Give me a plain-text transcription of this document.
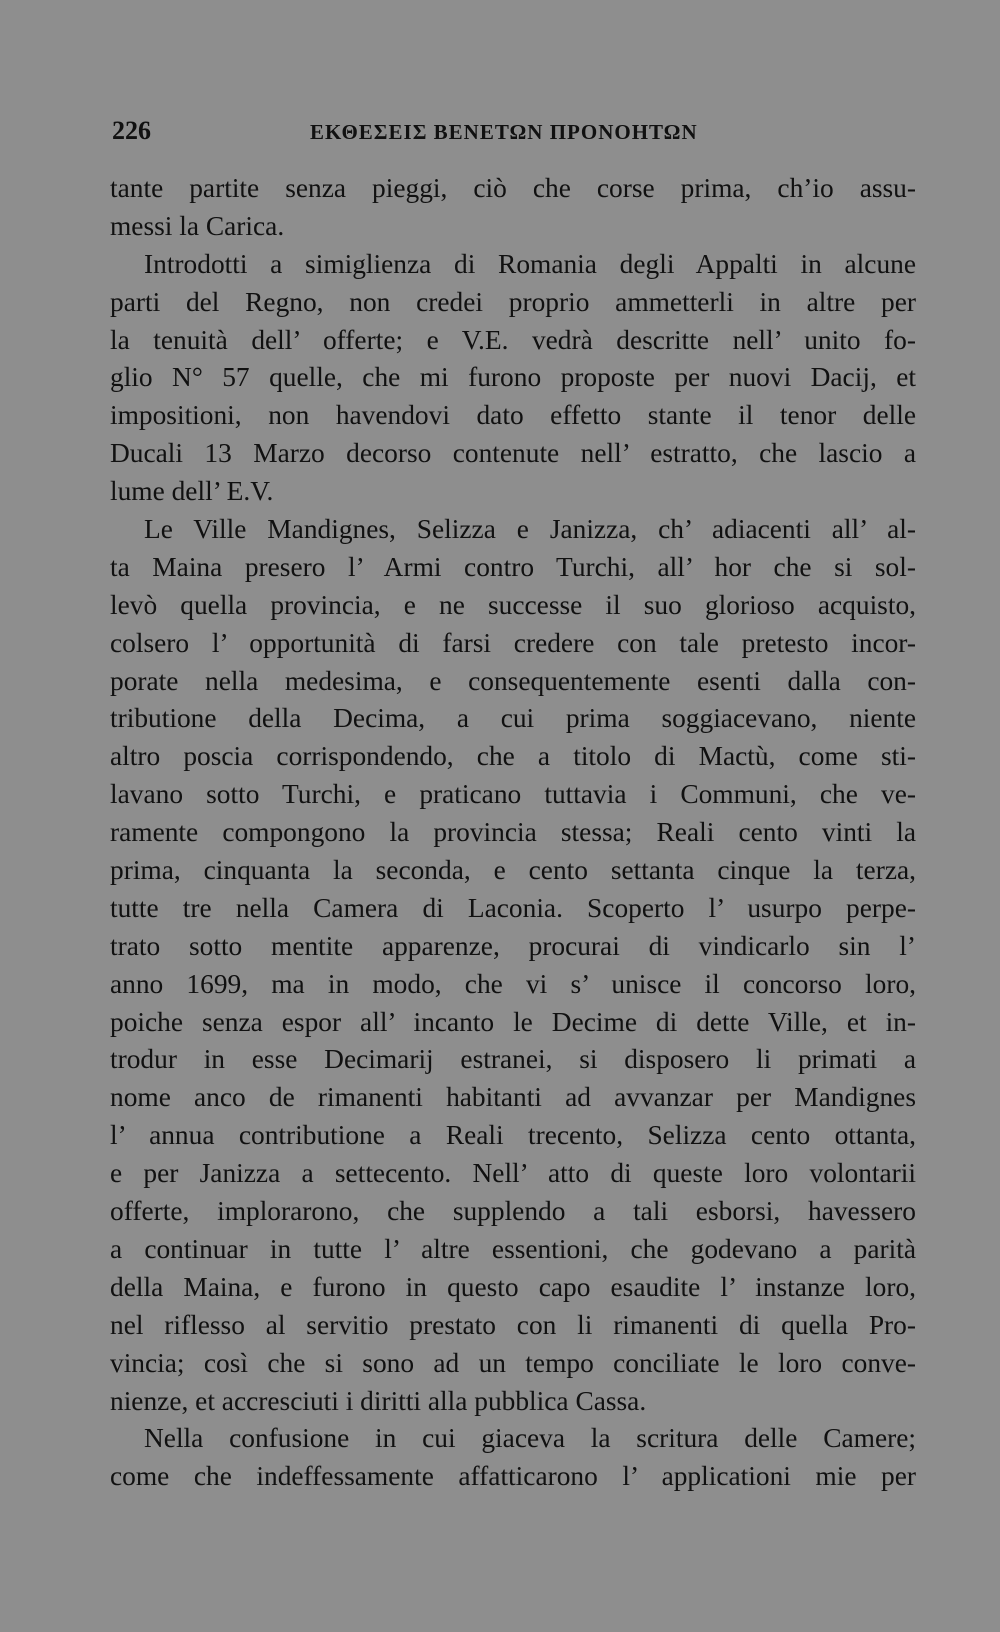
226	ΕΚΘΕΣΕΙΣ ΒΕΝΕΤΩΝ ΠΡΟΝΟΗΤΩΝ
tante partite senza pieggi, ciò che corse prima, ch’io assu-
messi la Carica.
Introdotti a simiglienza di Romania degli Appalti in alcune
parti del Regno, non credei proprio ammetterli in altre per
la tenuità dell’ offerte; e V.E. vedrà descritte nell’ unito fo-
glio N° 57 quelle, che mi furono proposte per nuovi Dacij, et
impositioni, non havendovi dato effetto stante il tenor delle
Ducali 13 Marzo decorso contenute nell’ estratto, che lascio a
lume dell’ E.V.
Le Ville Mandignes, Selizza e Janizza, ch’ adiacenti all’ al-
ta Maina presero l’ Armi contro Turchi, all’ hor che si sol-
levò quella provincia, e ne successe il suo glorioso acquisto,
colsero l’ opportunità di farsi credere con tale pretesto incor-
porate nella medesima, e consequentemente esenti dalla con-
tributione della Decima, a cui prima soggiacevano, niente
altro poscia corrispondendo, che a titolo di Mactù, come sti-
lavano sotto Turchi, e praticano tuttavia i Communi, che ve-
ramente compongono la provincia stessa; Reali cento vinti la
prima, cinquanta la seconda, e cento settanta cinque la terza,
tutte tre nella Camera di Laconia. Scoperto l’ usurpo perpe-
trato sotto mentite apparenze, procurai di vindicarlo sin l’
anno 1699, ma in modo, che vi s’ unisce il concorso loro,
poiche senza espor all’ incanto le Decime di dette Ville, et in-
trodur in esse Decimarij estranei, si disposero li primati a
nome anco de rimanenti habitanti ad avvanzar per Mandignes
l’ annua contributione a Reali trecento, Selizza cento ottanta,
e per Janizza a settecento. Nell’ atto di queste loro volontarii
offerte, implorarono, che supplendo a tali esborsi, havessero
a continuar in tutte l’ altre essentioni, che godevano a parità
della Maina, e furono in questo capo esaudite l’ instanze loro,
nel riflesso al servitio prestato con li rimanenti di quella Pro-
vincia; così che si sono ad un tempo conciliate le loro conve-
nienze, et accresciuti i diritti alla pubblica Cassa.
Nella confusione in cui giaceva la scritura delle Camere;
come che indeffessamente affatticarono l’ applicationi mie per
